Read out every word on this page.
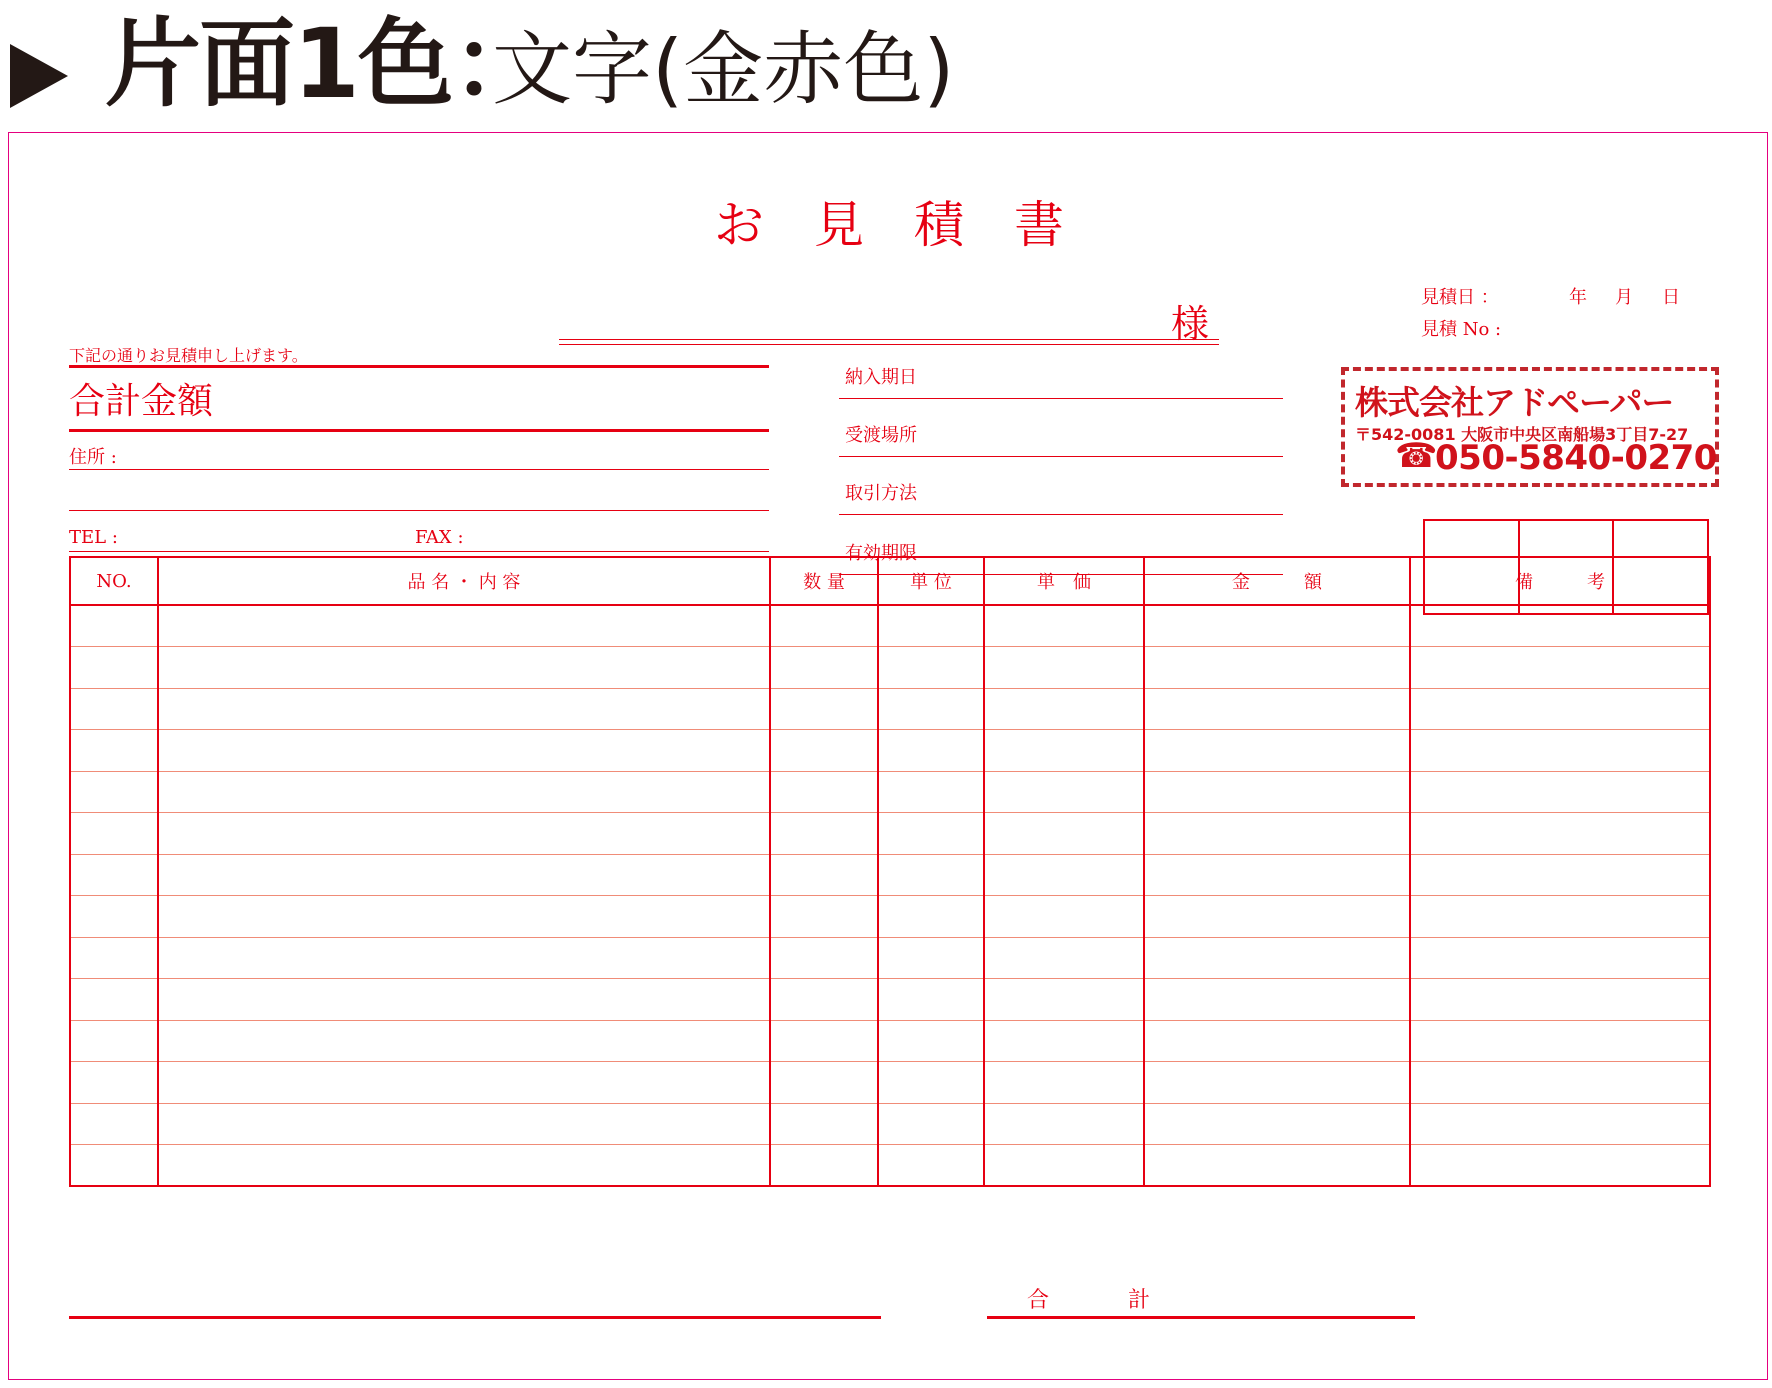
片面1色：
文字(金赤色)
お見積書
様
見積日 ：	年 月 日
見積 No :
株式会社アドペーパー
〒542-0081 大阪市中央区南船場3丁目7-27
☎
050-5840-0270
下記の通りお見積申し上げます。
合計金額
住所 :
TEL :	FAX :
納入期日
受渡場所
取引方法
有効期限
NO.	品 名 ・ 内 容	数 量	単 位	単　価	金　　　額	備　　　考

合 計
